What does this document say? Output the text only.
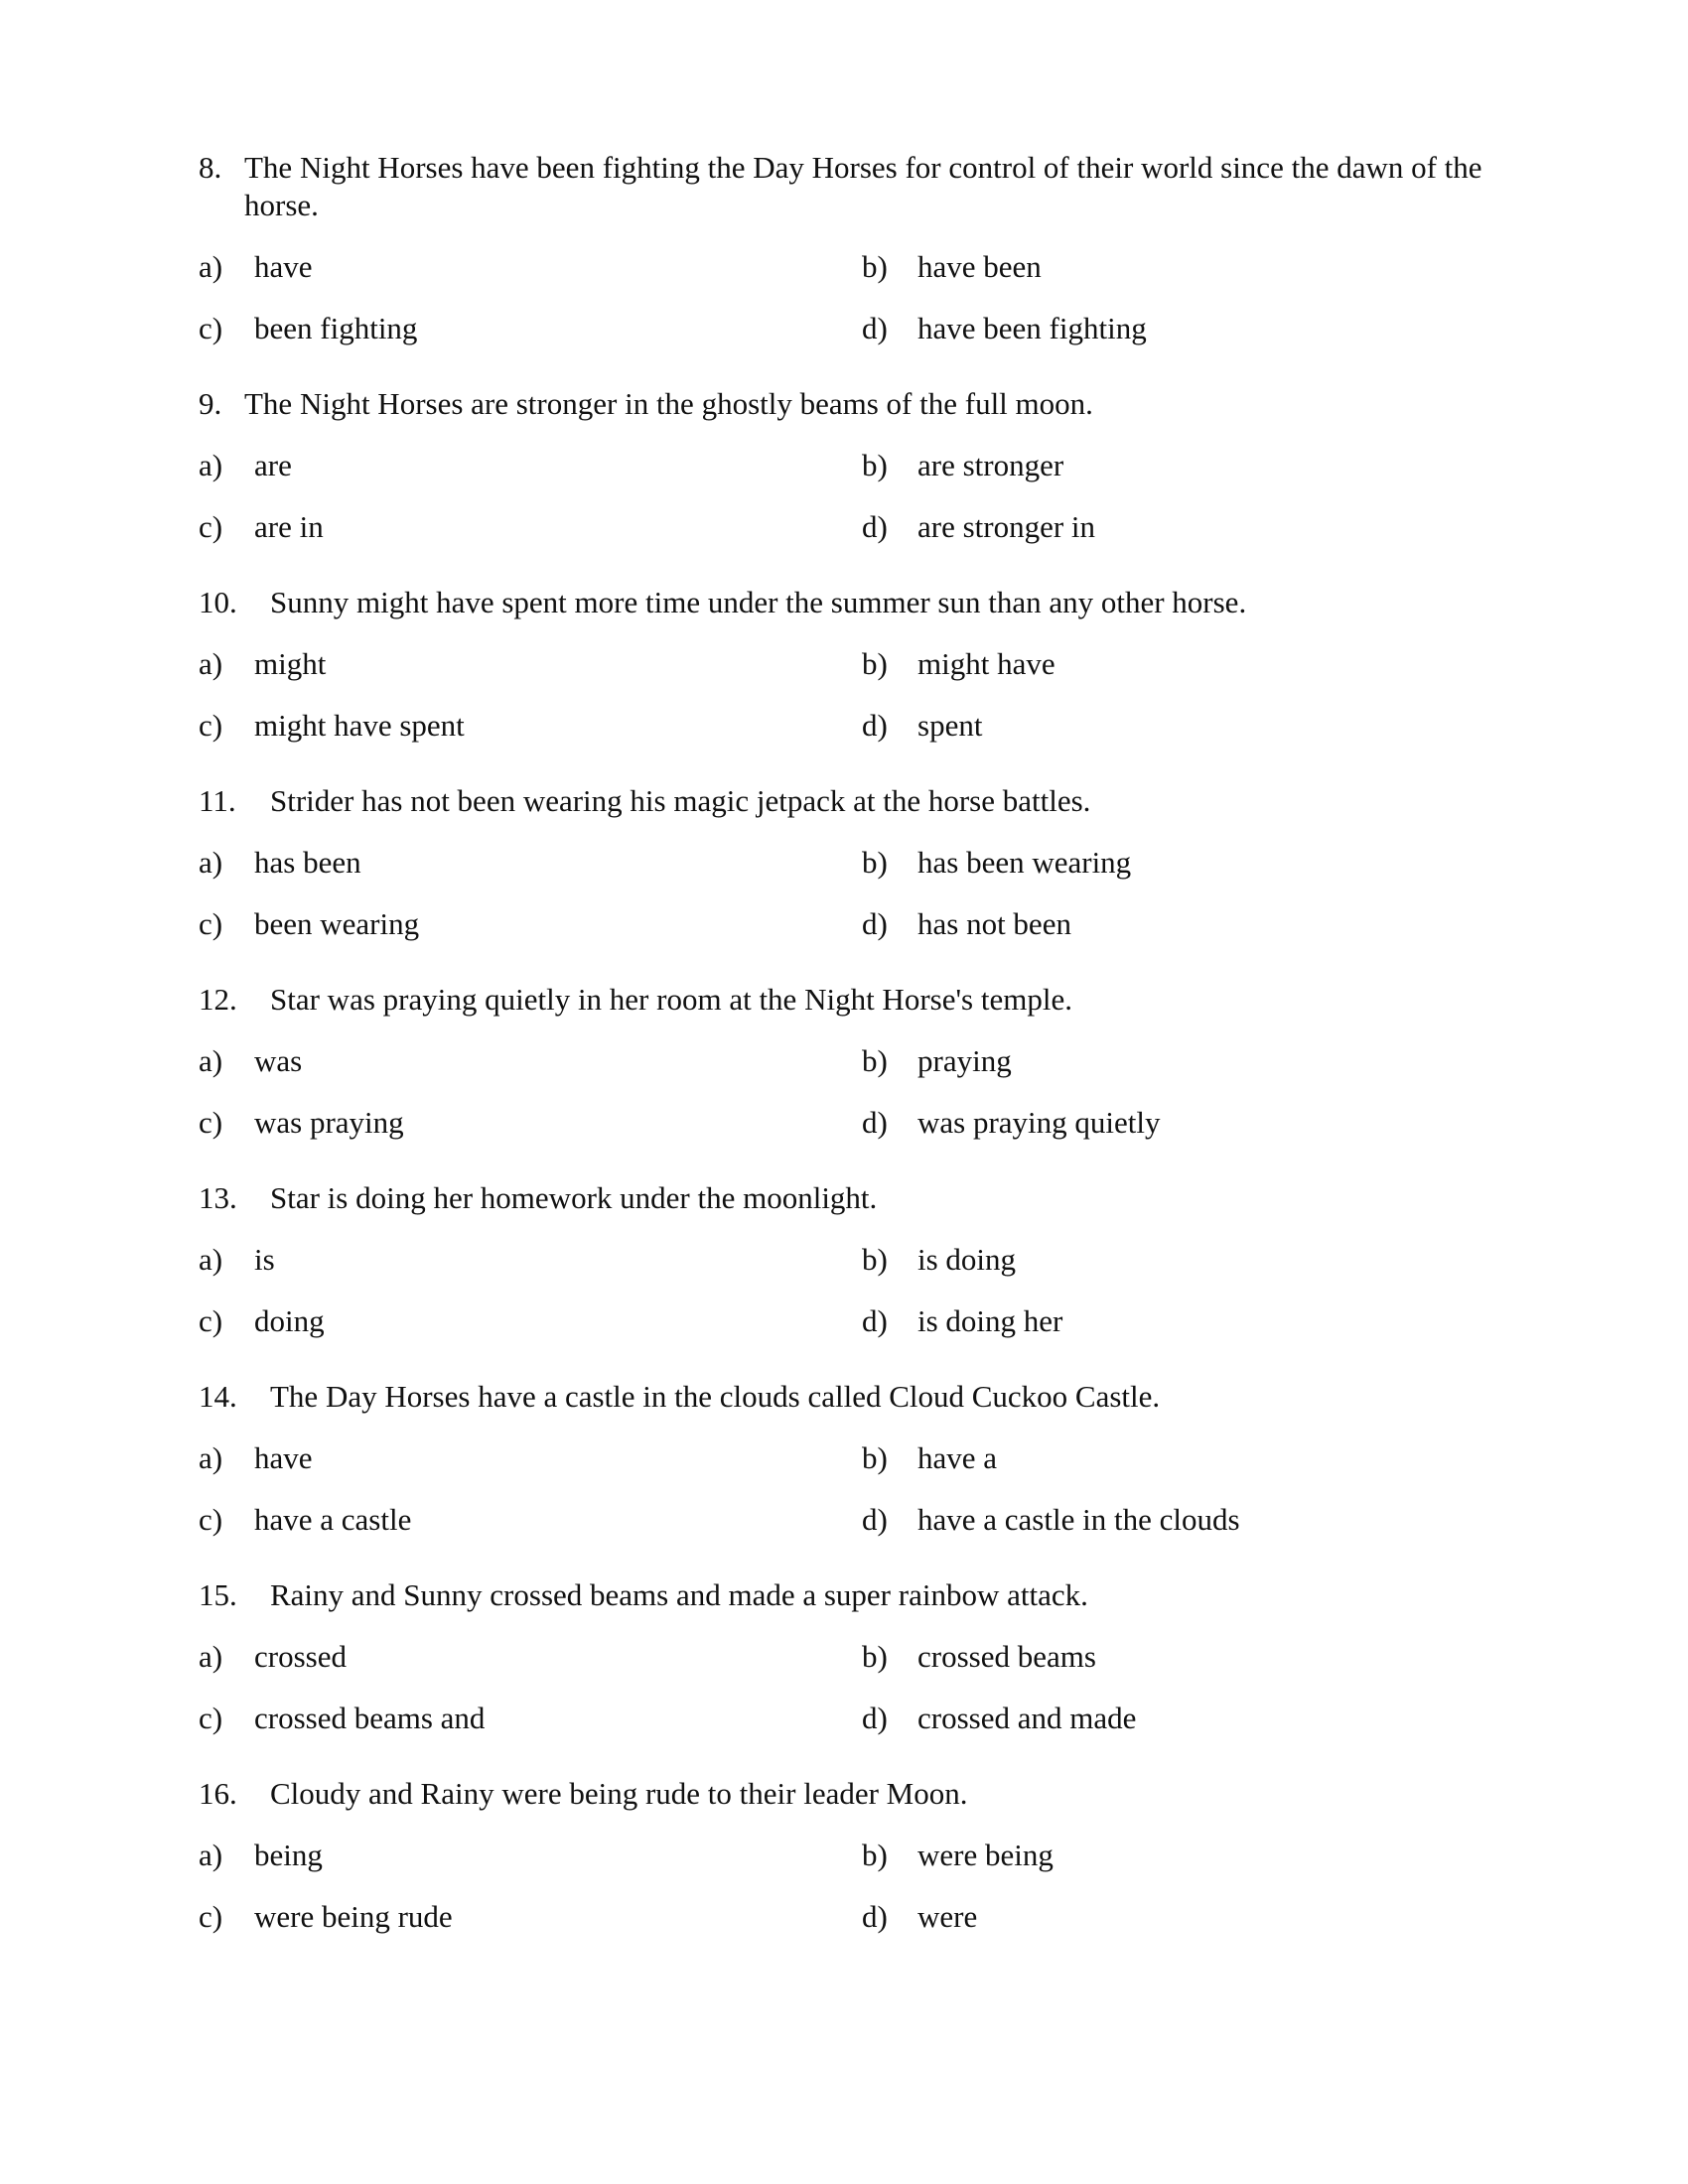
8. The Night Horses have been fighting the Day Horses for control of their world since the dawn of the horse.
a) have	b) have been
c) been fighting	d) have been fighting
9. The Night Horses are stronger in the ghostly beams of the full moon.
a) are	b) are stronger
c) are in	d) are stronger in
10. Sunny might have spent more time under the summer sun than any other horse.
a) might	b) might have
c) might have spent	d) spent
11. Strider has not been wearing his magic jetpack at the horse battles.
a) has been	b) has been wearing
c) been wearing	d) has not been
12. Star was praying quietly in her room at the Night Horse's temple.
a) was	b) praying
c) was praying	d) was praying quietly
13. Star is doing her homework under the moonlight.
a) is	b) is doing
c) doing	d) is doing her
14. The Day Horses have a castle in the clouds called Cloud Cuckoo Castle.
a) have	b) have a
c) have a castle	d) have a castle in the clouds
15. Rainy and Sunny crossed beams and made a super rainbow attack.
a) crossed	b) crossed beams
c) crossed beams and	d) crossed and made
16. Cloudy and Rainy were being rude to their leader Moon.
a) being	b) were being
c) were being rude	d) were
